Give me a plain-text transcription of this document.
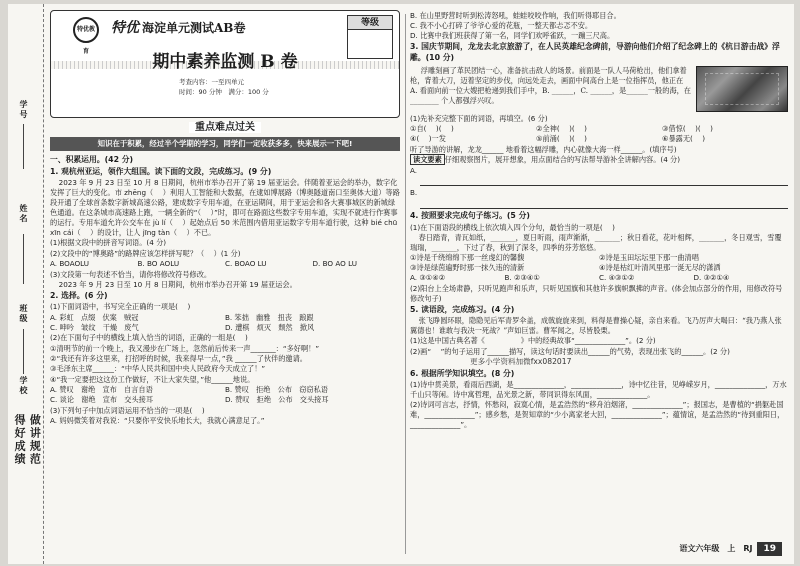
学号
姓名
班级
学校
做讲规范
得好成绩
特优教育
特优 海淀单元测试AB卷	等级
期中素养监测 B 卷
考查内容：一至四单元
时间：90 分钟　满分：100 分
重点难点过关
知识在于积累，经过半个学期的学习，同学们一定收获多多，快来展示一下吧!
一、积累运用。(42 分)

1. 观杭州亚运，领作大组国。读下面的文段，完成练习。(9 分)

2023 年 9 月 23 日至 10 月 8 日期间，杭州市举办召开了第 19 届亚运会。伴随着亚运会的举办，数字化发挥了巨大的变化。市 zhēng（ 　）利用人工智能和大数据，在逮如博展路（博奥隧道南口至奥体大道）等路段开通了全球首条数字新城高速公路，建成数字专用车道，在亚运期间，用于亚运会和各大赛事城区的新城绿色通道。在这条城市高速路上跑，一辆全新的“（ 　）”时，即可在路面这些数字专用车道，实现不就进行作赛事的运行。专用车道允许公交车在 jù lí（ 　）起始点后 50 米范围内借用亚运数字专用车道行驶，这种 bié chū xīn cái（ 　）的设计，让人 jīng tàn（ 　）不已。

(1)根据文段中的拼音写词语。(4 分)

(2)文段中的“博奥路”的路牌应该怎样拼写呢？（ 　）(1 分)

A. BOAOLU	B. BO AOLU	C. BOAO LU	D. BO AO LU

(3)文段第一句表述不恰当，请你将修改符号修改。

2023 年 9 月 23 日至 10 月 8 日期间，杭州市举办召开第 19 届亚运会。

2. 选择。(6 分)

(1)下面词语中，书写完全正确的一项是(　 )

A. 彩虹　点缀　伏案　贼冠	B. 笨拙　幽雅　扭丧　踉跟
C. 呻吟　皱纹　干燥　废气	D. 遭棋　烦灭　颓然　掀风

(2)在下面句子中的横线上填入恰当的词语，正确的一组是(　 )

①清明节的前一个晚上，我又漫步在广场上，忽然前后传来一声_______：“多好啊！”

②“我还有许多这里来，打招呼的时候，我来得早一点，”我 ______了伙伴的邀请。

③毛泽东主席______：“中华人民共和国中央人民政府今天成立了！”

④“我一定要把这这份工作做好，不让大家失望，”他______地说。

A. 赞叹　谢绝　宣布　自言自语	B. 赞叹　拒绝　公布　窃窃私语
C. 谈论　谢绝　宣布　交头接耳	D. 赞叹　拒绝　公布　交头接耳

(3)下列句子中加点词语运用不恰当的一项是(　 )

A. 妈妈微笑着对我说：“只要你平安快乐地长大，我就心满意足了。”

B. 在山里野营时听到松涛怒吼，蛙蛙咬咬作响，我们听得耶目合。

C. 我不小心打碎了爷爷心爱的花瓶，一整天都忐忑不安。

D. 比赛中我们班获得了第一名，同学们欢呼雀跃，一蹦三尺高。

3. 国庆节期间，龙龙去北京旅游了，在人民英雄纪念碑前，导游向他们介绍了纪念碑上的《杭日游击战》浮雕。(10 分)

浮雕刻画了革民团结一心，准备抗击敌人的场景。前面是一队人马荷枪出，他们拿着枪，背着大刀，迈着坚定的步伐，向远处走去，画面中间高台上是一位指挥员，他正在 A. 看面向前一位大嫂把枪递到我们手中，B. ______，C. ______，是______一般的海，在________ 个人都强浮兴叹。

(1)先补充完整下面的词语，再填空。(6 分)

①自(　 )(　 )	②全神(　 )(　 )	③借惊(　 )(　 )
④(　 )一发	⑤前涌(　 )(　 )	⑥暴露无(　 )

听了导游的讲解，龙龙______ 地看着这幅浮雕，内心就像大海一样______。(填序号)

读文要素 仔细观察图片，展开想象，用点面结合的写法帮导游补全讲解内容。(4 分)

A.

B.

4. 按照要求完成句子练习。(5 分)

(1)在下面语段的横线上依次填入四个分句，最恰当的一项是(　 )

春日踏青，青瓦如纸，_______，夏日听雨，雨声渐渐，_______；秋日看花，花叶相辉，_______，冬日观雪，雪覆瑞瑞，_______，下过了春，秋到了深冬，四季的芬芳悠悠。

①诗是千绕绵绵下那一丝虔幻的馨馥	②诗是玉田坛坛里下那一曲清唱
③诗是绿茵遍野时那一抹久违的清新	④诗是枯红叶清风里那一涎无尽的潇洒
A. ③①④②	B. ②③④①	C. ④③①②	D. ③②①④

(2)阳台上全场肃静，只听见跑声和乐声，只听见国旗和其他许多旗帜飘拂的声音。(体会加点部分的作用，用修改符号修改句子)

5. 读语段，完成练习。(4 分)

张飞睁圆环眼，隐隐见后军青罗伞盖，成戟旋旋来到，料得是曹操心疑，亲自来看。飞乃厉声大喝曰：“我乃燕人张翼德也！谁敢与我决一死战？”声如巨雷。曹军闻之，尽皆股栗。

(1)这是中国古典名著《　　　　　》中的经典故事“______________”。(2 分)

(2)画“ 　”的句子运用了______描写，读这句话时要读出______的气势，表现出张飞的______。(2 分)

更多小学资料加微fxx082017

6. 根据所学知识填空。(8 分)

(1)诗中贯美景，看雨后西湖，是______________，______________，诗中忆往昔，见峥嵘岁月，______________，万水千山只等闲。诗中寓哲理，品光景之新，带同识得东风面，______________。

(2)诗词可言志，抒情，怀愁闷，寂寞心情，是孟浩然的“移舟泊烟渚，______________”；报国志，是曹植的“捐躯赴国难，______________”；感乡愁，是贺知章的“少小离家老大回，______________”；蕴情谊，是孟浩然的“待到重阳日，______________”。

语文六年级　上　RJ	19
